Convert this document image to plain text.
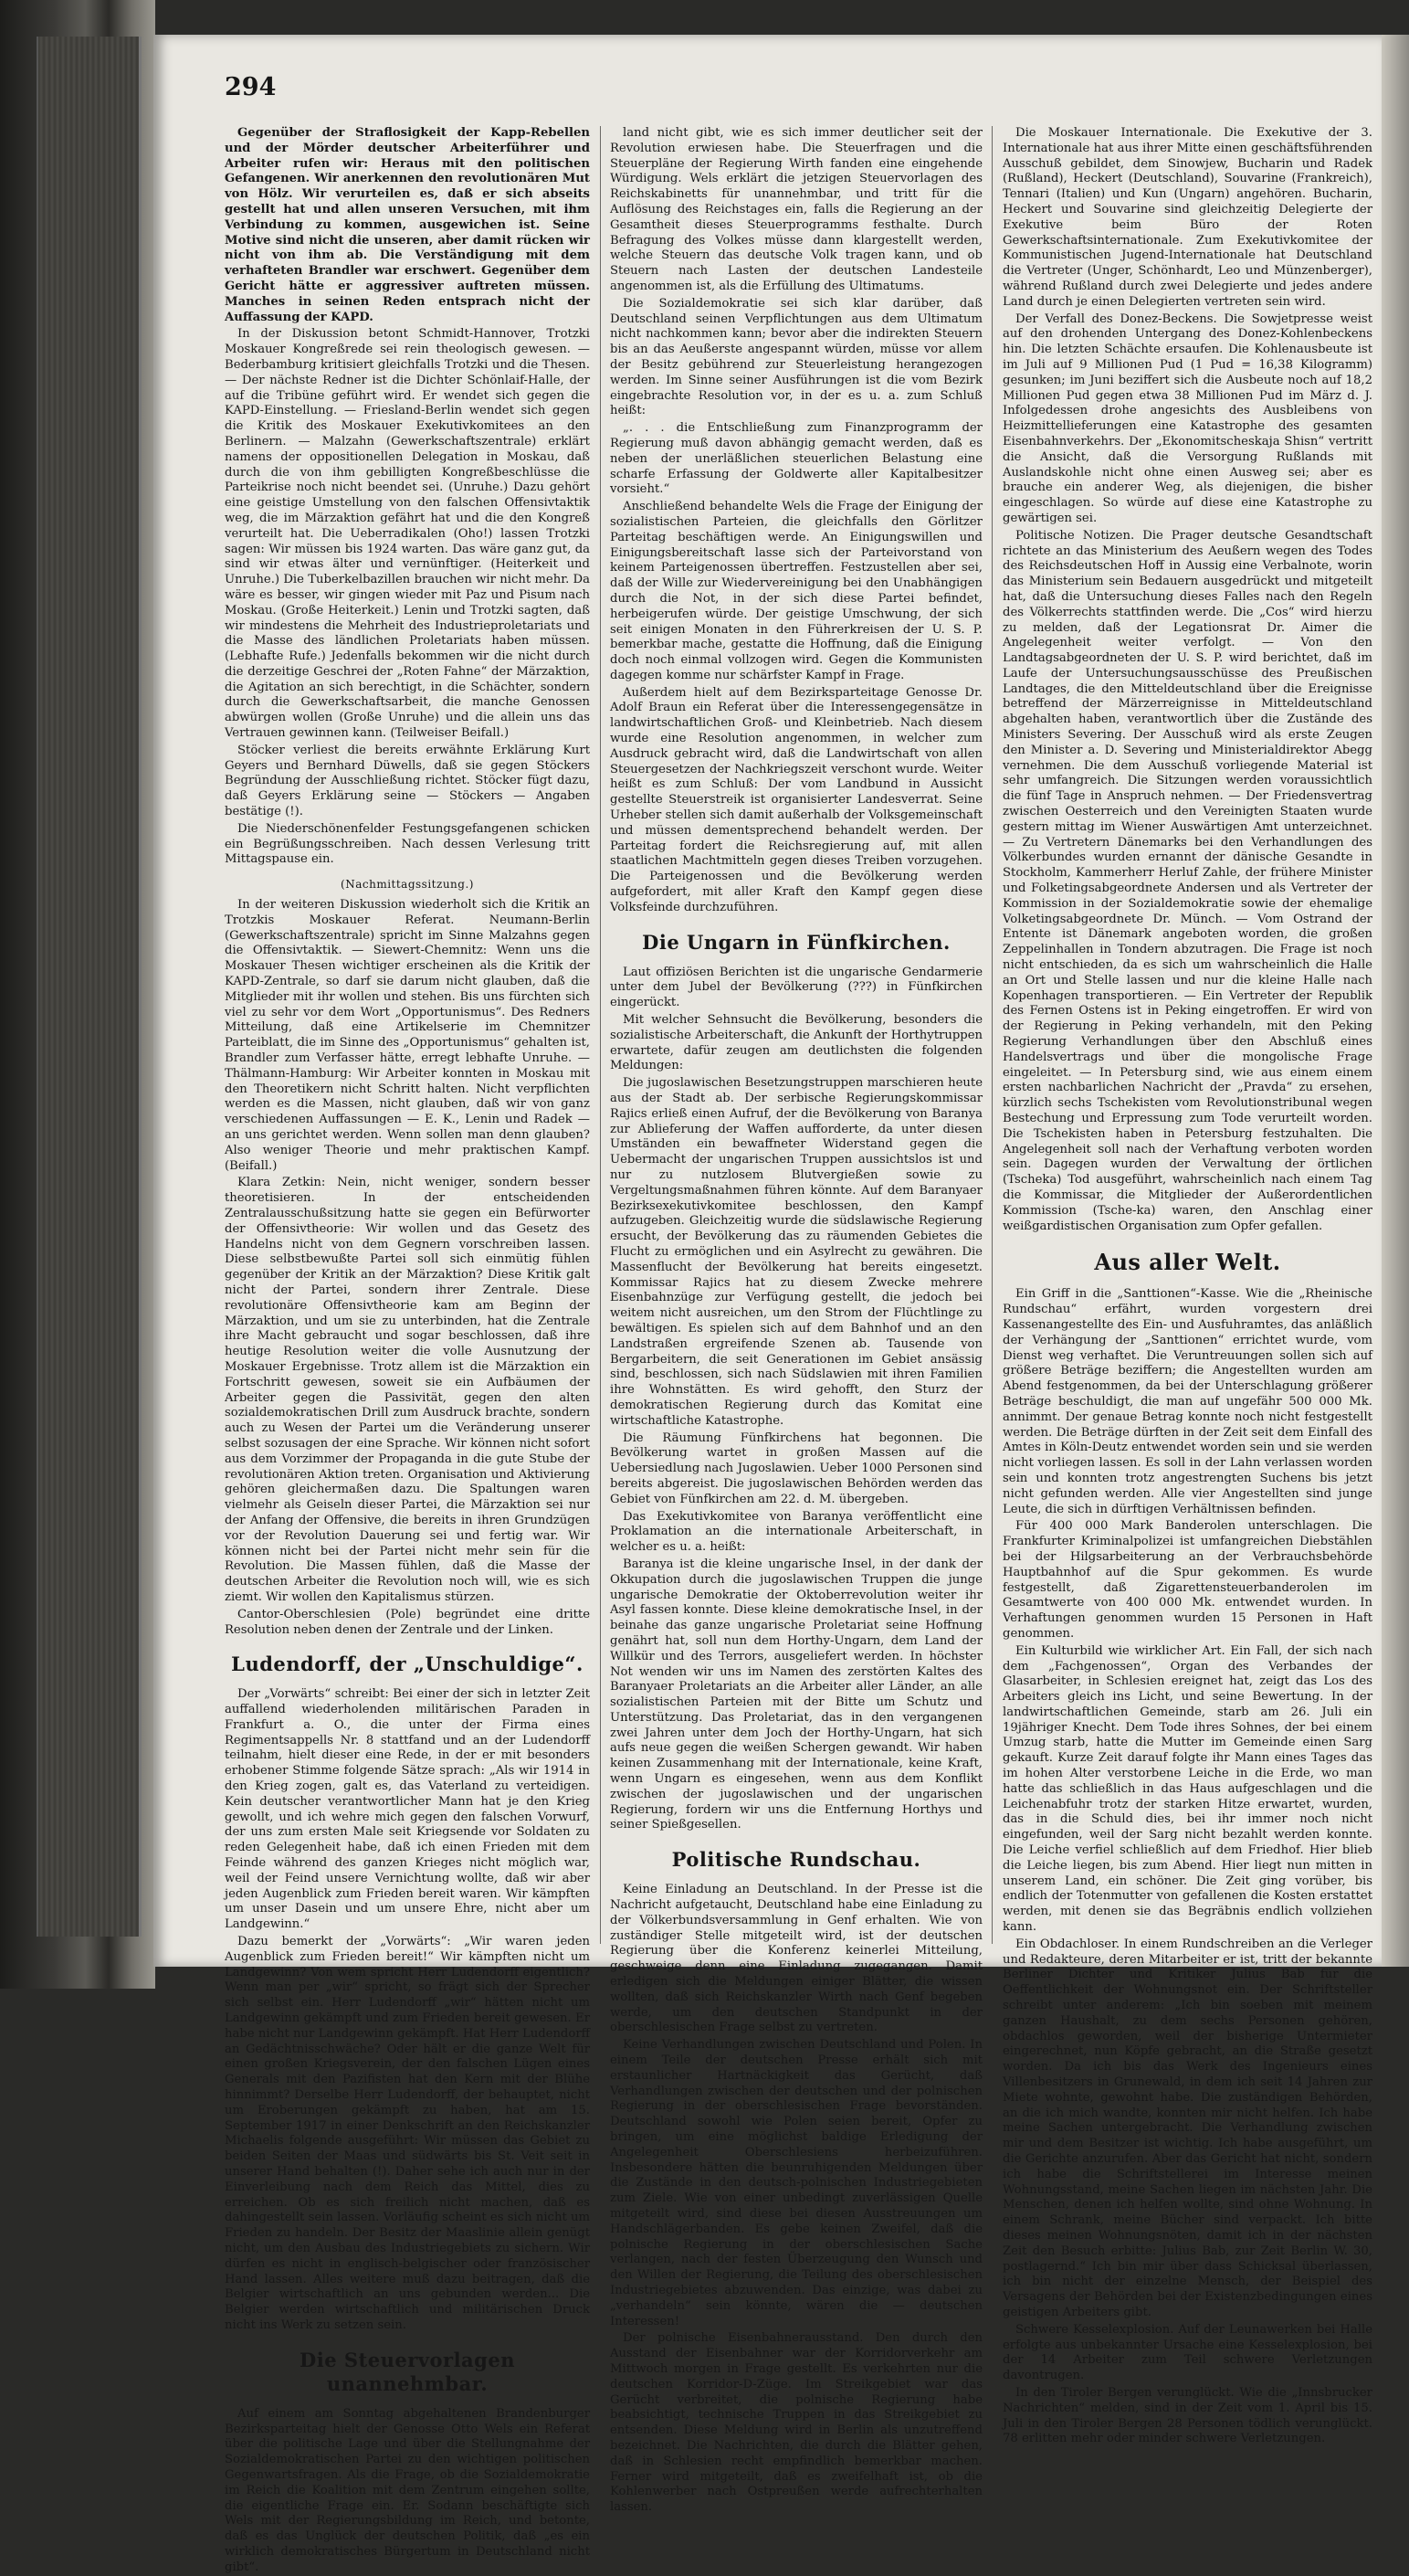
294

Gegenüber der Straflosigkeit der Kapp-Rebellen und der Mörder deutscher Arbeiterführer und Arbeiter rufen wir: Heraus mit den politischen Gefangenen. Wir anerkennen den revolutionären Mut von Hölz. Wir verurteilen es, daß er sich abseits gestellt hat und allen unseren Versuchen, mit ihm Verbindung zu kommen, ausgewichen ist. Seine Motive sind nicht die unseren, aber damit rücken wir nicht von ihm ab. Die Verständigung mit dem verhafteten Brandler war erschwert. Gegenüber dem Gericht hätte er aggressiver auftreten müssen. Manches in seinen Reden entsprach nicht der Auffassung der KAPD.

In der Diskussion betont Schmidt-Hannover, Trotzki Moskauer Kongreßrede sei rein theologisch gewesen. — Bederbamburg kritisiert gleichfalls Trotzki und die Thesen. — Der nächste Redner ist die Dichter Schönlaif-Halle, der auf die Tribüne geführt wird. Er wendet sich gegen die KAPD-Einstellung. — Friesland-Berlin wendet sich gegen die Kritik des Moskauer Exekutivkomitees an den Berlinern. — Malzahn (Gewerkschaftszentrale) erklärt namens der oppositionellen Delegation in Moskau, daß durch die von ihm gebilligten Kongreßbeschlüsse die Parteikrise noch nicht beendet sei. (Unruhe.) Dazu gehört eine geistige Umstellung von den falschen Offensivtaktik weg, die im Märzaktion gefährt hat und die den Kongreß verurteilt hat. Die Ueberradikalen (Oho!) lassen Trotzki sagen: Wir müssen bis 1924 warten. Das wäre ganz gut, da sind wir etwas älter und vernünftiger. (Heiterkeit und Unruhe.) Die Tuberkelbazillen brauchen wir nicht mehr. Da wäre es besser, wir gingen wieder mit Paz und Pisum nach Moskau. (Große Heiterkeit.) Lenin und Trotzki sagten, daß wir mindestens die Mehrheit des Industrieproletariats und die Masse des ländlichen Proletariats haben müssen. (Lebhafte Rufe.) Jedenfalls bekommen wir die nicht durch die derzeitige Geschrei der „Roten Fahne“ der Märzaktion, die Agitation an sich berechtigt, in die Schächter, sondern durch die Gewerkschaftsarbeit, die manche Genossen abwürgen wollen (Große Unruhe) und die allein uns das Vertrauen gewinnen kann. (Teilweiser Beifall.)

Stöcker verliest die bereits erwähnte Erklärung Kurt Geyers und Bernhard Düwells, daß sie gegen Stöckers Begründung der Ausschließung richtet. Stöcker fügt dazu, daß Geyers Erklärung seine — Stöckers — Angaben bestätige (!).

Die Niederschönenfelder Festungsgefangenen schicken ein Begrüßungsschreiben. Nach dessen Verlesung tritt Mittagspause ein.

(Nachmittagssitzung.)

In der weiteren Diskussion wiederholt sich die Kritik an Trotzkis Moskauer Referat. Neumann-Berlin (Gewerkschaftszentrale) spricht im Sinne Malzahns gegen die Offensivtaktik. — Siewert-Chemnitz: Wenn uns die Moskauer Thesen wichtiger erscheinen als die Kritik der KAPD-Zentrale, so darf sie darum nicht glauben, daß die Mitglieder mit ihr wollen und stehen. Bis uns fürchten sich viel zu sehr vor dem Wort „Opportunismus“. Des Redners Mitteilung, daß eine Artikelserie im Chemnitzer Parteiblatt, die im Sinne des „Opportunismus“ gehalten ist, Brandler zum Verfasser hätte, erregt lebhafte Unruhe. — Thälmann-Hamburg: Wir Arbeiter konnten in Moskau mit den Theoretikern nicht Schritt halten. Nicht verpflichten werden es die Massen, nicht glauben, daß wir von ganz verschiedenen Auffassungen — E. K., Lenin und Radek — an uns gerichtet werden. Wenn sollen man denn glauben? Also weniger Theorie und mehr praktischen Kampf. (Beifall.)

Klara Zetkin: Nein, nicht weniger, sondern besser theoretisieren. In der entscheidenden Zentralausschußsitzung hatte sie gegen ein Befürworter der Offensivtheorie: Wir wollen und das Gesetz des Handelns nicht von dem Gegnern vorschreiben lassen. Diese selbstbewußte Partei soll sich einmütig fühlen gegenüber der Kritik an der Märzaktion? Diese Kritik galt nicht der Partei, sondern ihrer Zentrale. Diese revolutionäre Offensivtheorie kam am Beginn der Märzaktion, und um sie zu unterbinden, hat die Zentrale ihre Macht gebraucht und sogar beschlossen, daß ihre heutige Resolution weiter die volle Ausnutzung der Moskauer Ergebnisse. Trotz allem ist die Märzaktion ein Fortschritt gewesen, soweit sie ein Aufbäumen der Arbeiter gegen die Passivität, gegen den alten sozialdemokratischen Drill zum Ausdruck brachte, sondern auch zu Wesen der Partei um die Veränderung unserer selbst sozusagen der eine Sprache. Wir können nicht sofort aus dem Vorzimmer der Propaganda in die gute Stube der revolutionären Aktion treten. Organisation und Aktivierung gehören gleichermaßen dazu. Die Spaltungen waren vielmehr als Geiseln dieser Partei, die Märzaktion sei nur der Anfang der Offensive, die bereits in ihren Grundzügen vor der Revolution Dauerung sei und fertig war. Wir können nicht bei der Partei nicht mehr sein für die Revolution. Die Massen fühlen, daß die Masse der deutschen Arbeiter die Revolution noch will, wie es sich ziemt. Wir wollen den Kapitalismus stürzen.

Cantor-Oberschlesien (Pole) begründet eine dritte Resolution neben denen der Zentrale und der Linken.

Ludendorff, der „Unschuldige“.

Der „Vorwärts“ schreibt: Bei einer der sich in letzter Zeit auffallend wiederholenden militärischen Paraden in Frankfurt a. O., die unter der Firma eines Regimentsappells Nr. 8 stattfand und an der Ludendorff teilnahm, hielt dieser eine Rede, in der er mit besonders erhobener Stimme folgende Sätze sprach: „Als wir 1914 in den Krieg zogen, galt es, das Vaterland zu verteidigen. Kein deutscher verantwortlicher Mann hat je den Krieg gewollt, und ich wehre mich gegen den falschen Vorwurf, der uns zum ersten Male seit Kriegsende vor Soldaten zu reden Gelegenheit habe, daß ich einen Frieden mit dem Feinde während des ganzen Krieges nicht möglich war, weil der Feind unsere Vernichtung wollte, daß wir aber jeden Augenblick zum Frieden bereit waren. Wir kämpften um unser Dasein und um unsere Ehre, nicht aber um Landgewinn.“

Dazu bemerkt der „Vorwärts“: „Wir waren jeden Augenblick zum Frieden bereit!“ Wir kämpften nicht um Landgewinn? Von wem spricht Herr Ludendorff eigentlich? Wenn man per „wir“ spricht, so frägt sich der Sprecher sich selbst ein. Herr Ludendorff „wir“ hätten nicht um Landgewinn gekämpft und zum Frieden bereit gewesen. Er habe nicht nur Landgewinn gekämpft. Hat Herr Ludendorff an Gedächtnisschwäche? Oder hält er die ganze Welt für einen großen Kriegsverein, der den falschen Lügen eines Generals mit den Pazifisten hat den Kern mit der Blühe hinnimmt? Derselbe Herr Ludendorff, der behauptet, nicht um Eroberungen gekämpft zu haben, hat am 15. September 1917 in einer Denkschrift an den Reichskanzler Michaelis folgende ausgeführt: Wir müssen das Gebiet zu beiden Seiten der Maas und südwärts bis St. Veit seit in unserer Hand behalten (!). Daher sehe ich auch nur in der Einverleibung nach dem Reich das Mittel, dies zu erreichen. Ob es sich freilich nicht machen, daß es dahingestellt sein lassen. Vorläufig scheint es sich nicht um Frieden zu handeln. Der Besitz der Maaslinie allein genügt nicht, um den Ausbau des Industriegebiets zu sichern. Wir dürfen es nicht in englisch-belgischer oder französischer Hand lassen. Alles weitere muß dazu beitragen, daß die Belgier wirtschaftlich an uns gebunden werden... Die Belgier werden wirtschaftlich und militärischen Druck nicht ins Werk zu setzen sein.

Die Steuervorlagen unannehmbar.

Auf einem am Sonntag abgehaltenen Brandenburger Bezirksparteitag hielt der Genosse Otto Wels ein Referat über die politische Lage und über die Stellungnahme der Sozialdemokratischen Partei zu den wichtigen politischen Gegenwartsfragen. Als die Frage, ob die Sozialdemokratie im Reich die Koalition mit dem Zentrum eingehen sollte, die eigentliche Frage ein. Er. Sodann beschäftigte sich Wels mit der Regierungsbildung im Reich, und betonte, daß es das Unglück der deutschen Politik, daß „es ein wirklich demokratisches Bürgertum in Deutschland nicht gibt“.

land nicht gibt, wie es sich immer deutlicher seit der Revolution erwiesen habe. Die Steuerfragen und die Steuerpläne der Regierung Wirth fanden eine eingehende Würdigung. Wels erklärt die jetzigen Steuervorlagen des Reichskabinetts für unannehmbar, und tritt für die Auflösung des Reichstages ein, falls die Regierung an der Gesamtheit dieses Steuerprogramms festhalte. Durch Befragung des Volkes müsse dann klargestellt werden, welche Steuern das deutsche Volk tragen kann, und ob Steuern nach Lasten der deutschen Landesteile angenommen ist, als die Erfüllung des Ultimatums.

Die Sozialdemokratie sei sich klar darüber, daß Deutschland seinen Verpflichtungen aus dem Ultimatum nicht nachkommen kann; bevor aber die indirekten Steuern bis an das Aeußerste angespannt würden, müsse vor allem der Besitz gebührend zur Steuerleistung herangezogen werden. Im Sinne seiner Ausführungen ist die vom Bezirk eingebrachte Resolution vor, in der es u. a. zum Schluß heißt:

„. . . die Entschließung zum Finanzprogramm der Regierung muß davon abhängig gemacht werden, daß es neben der unerläßlichen steuerlichen Belastung eine scharfe Erfassung der Goldwerte aller Kapitalbesitzer vorsieht.“

Anschließend behandelte Wels die Frage der Einigung der sozialistischen Parteien, die gleichfalls den Görlitzer Parteitag beschäftigen werde. An Einigungswillen und Einigungsbereitschaft lasse sich der Parteivorstand von keinem Parteigenossen übertreffen. Festzustellen aber sei, daß der Wille zur Wiedervereinigung bei den Unabhängigen durch die Not, in der sich diese Partei befindet, herbeigerufen würde. Der geistige Umschwung, der sich seit einigen Monaten in den Führerkreisen der U. S. P. bemerkbar mache, gestatte die Hoffnung, daß die Einigung doch noch einmal vollzogen wird. Gegen die Kommunisten dagegen komme nur schärfster Kampf in Frage.

Außerdem hielt auf dem Bezirksparteitage Genosse Dr. Adolf Braun ein Referat über die Interessengegensätze in landwirtschaftlichen Groß- und Kleinbetrieb. Nach diesem wurde eine Resolution angenommen, in welcher zum Ausdruck gebracht wird, daß die Landwirtschaft von allen Steuergesetzen der Nachkriegszeit verschont wurde. Weiter heißt es zum Schluß: Der vom Landbund in Aussicht gestellte Steuerstreik ist organisierter Landesverrat. Seine Urheber stellen sich damit außerhalb der Volksgemeinschaft und müssen dementsprechend behandelt werden. Der Parteitag fordert die Reichsregierung auf, mit allen staatlichen Machtmitteln gegen dieses Treiben vorzugehen. Die Parteigenossen und die Bevölkerung werden aufgefordert, mit aller Kraft den Kampf gegen diese Volksfeinde durchzuführen.

Die Ungarn in Fünfkirchen.

Laut offiziösen Berichten ist die ungarische Gendarmerie unter dem Jubel der Bevölkerung (???) in Fünfkirchen eingerückt.

Mit welcher Sehnsucht die Bevölkerung, besonders die sozialistische Arbeiterschaft, die Ankunft der Horthytruppen erwartete, dafür zeugen am deutlichsten die folgenden Meldungen:

Die jugoslawischen Besetzungstruppen marschieren heute aus der Stadt ab. Der serbische Regierungskommissar Rajics erließ einen Aufruf, der die Bevölkerung von Baranya zur Ablieferung der Waffen aufforderte, da unter diesen Umständen ein bewaffneter Widerstand gegen die Uebermacht der ungarischen Truppen aussichtslos ist und nur zu nutzlosem Blutvergießen sowie zu Vergeltungsmaßnahmen führen könnte. Auf dem Baranyaer Bezirksexekutivkomitee beschlossen, den Kampf aufzugeben. Gleichzeitig wurde die südslawische Regierung ersucht, der Bevölkerung das zu räumenden Gebietes die Flucht zu ermöglichen und ein Asylrecht zu gewähren. Die Massenflucht der Bevölkerung hat bereits eingesetzt. Kommissar Rajics hat zu diesem Zwecke mehrere Eisenbahnzüge zur Verfügung gestellt, die jedoch bei weitem nicht ausreichen, um den Strom der Flüchtlinge zu bewältigen. Es spielen sich auf dem Bahnhof und an den Landstraßen ergreifende Szenen ab. Tausende von Bergarbeitern, die seit Generationen im Gebiet ansässig sind, beschlossen, sich nach Südslawien mit ihren Familien ihre Wohnstätten. Es wird gehofft, den Sturz der demokratischen Regierung durch das Komitat eine wirtschaftliche Katastrophe.

Die Räumung Fünfkirchens hat begonnen. Die Bevölkerung wartet in großen Massen auf die Uebersiedlung nach Jugoslawien. Ueber 1000 Personen sind bereits abgereist. Die jugoslawischen Behörden werden das Gebiet von Fünfkirchen am 22. d. M. übergeben.

Das Exekutivkomitee von Baranya veröffentlicht eine Proklamation an die internationale Arbeiterschaft, in welcher es u. a. heißt:

Baranya ist die kleine ungarische Insel, in der dank der Okkupation durch die jugoslawischen Truppen die junge ungarische Demokratie der Oktoberrevolution weiter ihr Asyl fassen konnte. Diese kleine demokratische Insel, in der beinahe das ganze ungarische Proletariat seine Hoffnung genährt hat, soll nun dem Horthy-Ungarn, dem Land der Willkür und des Terrors, ausgeliefert werden. In höchster Not wenden wir uns im Namen des zerstörten Kaltes des Baranyaer Proletariats an die Arbeiter aller Länder, an alle sozialistischen Parteien mit der Bitte um Schutz und Unterstützung. Das Proletariat, das in den vergangenen zwei Jahren unter dem Joch der Horthy-Ungarn, hat sich aufs neue gegen die weißen Schergen gewandt. Wir haben keinen Zusammenhang mit der Internationale, keine Kraft, wenn Ungarn es eingesehen, wenn aus dem Konflikt zwischen der jugoslawischen und der ungarischen Regierung, fordern wir uns die Entfernung Horthys und seiner Spießgesellen.

Politische Rundschau.

Keine Einladung an Deutschland. In der Presse ist die Nachricht aufgetaucht, Deutschland habe eine Einladung zu der Völkerbundsversammlung in Genf erhalten. Wie von zuständiger Stelle mitgeteilt wird, ist der deutschen Regierung über die Konferenz keinerlei Mitteilung, geschweige denn eine Einladung zugegangen. Damit erledigen sich die Meldungen einiger Blätter, die wissen wollten, daß sich Reichskanzler Wirth nach Genf begeben werde, um den deutschen Standpunkt in der oberschlesischen Frage selbst zu vertreten.

Keine Verhandlungen zwischen Deutschland und Polen. In einem Teile der deutschen Presse erhält sich mit erstaunlicher Hartnäckigkeit das Gerücht, daß Verhandlungen zwischen der deutschen und der polnischen Regierung in der oberschlesischen Frage bevorständen. Deutschland sowohl wie Polen seien bereit, Opfer zu bringen, um eine möglichst baldige Erledigung der Angelegenheit Oberschlesiens herbeizuführen. Insbesondere hätten die beunruhigenden Meldungen über die Zustände in den deutsch-polnischen Industriegebieten zum Ziele. Wie von einer unbedingt zuverlässigen Quelle mitgeteilt wird, sind diese bei diesen Ausstreuungen um Handschlägerbanden. Es gebe keinen Zweifel, daß die polnische Regierung in der oberschlesischen Sache verlangen, nach der festen Überzeugung den Wunsch und den Willen der Regierung, die Teilung des oberschlesischen Industriegebietes abzuwenden. Das einzige, was dabei zu „verhandeln“ sein könnte, wären die — deutschen Interessen!

Der polnische Eisenbahnerausstand. Den durch den Ausstand der Eisenbahner war der Korridorverkehr am Mittwoch morgen in Frage gestellt. Es verkehrten nur die deutschen Korridor-D-Züge. Im Streikgebiet war das Gerücht verbreitet, die polnische Regierung habe beabsichtigt, technische Truppen in das Streikgebiet zu entsenden. Diese Meldung wird in Berlin als unzutreffend bezeichnet. Die Nachrichten, die durch die Blätter gehen, daß in Schlesien recht empfindlich bemerkbar machen. Ferner wird mitgeteilt, daß es zweifelhaft ist, ob die Kohlenwerber nach Ostpreußen werde aufrechterhalten lassen.

Die Moskauer Internationale. Die Exekutive der 3. Internationale hat aus ihrer Mitte einen geschäftsführenden Ausschuß gebildet, dem Sinowjew, Bucharin und Radek (Rußland), Heckert (Deutschland), Souvarine (Frankreich), Tennari (Italien) und Kun (Ungarn) angehören. Bucharin, Heckert und Souvarine sind gleichzeitig Delegierte der Exekutive beim Büro der Roten Gewerkschaftsinternationale. Zum Exekutivkomitee der Kommunistischen Jugend-Internationale hat Deutschland die Vertreter (Unger, Schönhardt, Leo und Münzenberger), während Rußland durch zwei Delegierte und jedes andere Land durch je einen Delegierten vertreten sein wird.

Der Verfall des Donez-Beckens. Die Sowjetpresse weist auf den drohenden Untergang des Donez-Kohlenbeckens hin. Die letzten Schächte ersaufen. Die Kohlenausbeute ist im Juli auf 9 Millionen Pud (1 Pud = 16,38 Kilogramm) gesunken; im Juni beziffert sich die Ausbeute noch auf 18,2 Millionen Pud gegen etwa 38 Millionen Pud im März d. J. Infolgedessen drohe angesichts des Ausbleibens von Heizmittellieferungen eine Katastrophe des gesamten Eisenbahnverkehrs. Der „Ekonomitscheskaja Shisn“ vertritt die Ansicht, daß die Versorgung Rußlands mit Auslandskohle nicht ohne einen Ausweg sei; aber es brauche ein anderer Weg, als diejenigen, die bisher eingeschlagen. So würde auf diese eine Katastrophe zu gewärtigen sei.

Politische Notizen. Die Prager deutsche Gesandtschaft richtete an das Ministerium des Aeußern wegen des Todes des Reichsdeutschen Hoff in Aussig eine Verbalnote, worin das Ministerium sein Bedauern ausgedrückt und mitgeteilt hat, daß die Untersuchung dieses Falles nach den Regeln des Völkerrechts stattfinden werde. Die „Cos“ wird hierzu zu melden, daß der Legationsrat Dr. Aimer die Angelegenheit weiter verfolgt. — Von den Landtagsabgeordneten der U. S. P. wird berichtet, daß im Laufe der Untersuchungsausschüsse des Preußischen Landtages, die den Mitteldeutschland über die Ereignisse betreffend der Märzerreignisse in Mitteldeutschland abgehalten haben, verantwortlich über die Zustände des Ministers Severing. Der Ausschuß wird als erste Zeugen den Minister a. D. Severing und Ministerialdirektor Abegg vernehmen. Die dem Ausschuß vorliegende Material ist sehr umfangreich. Die Sitzungen werden voraussichtlich die fünf Tage in Anspruch nehmen. — Der Friedensvertrag zwischen Oesterreich und den Vereinigten Staaten wurde gestern mittag im Wiener Auswärtigen Amt unterzeichnet. — Zu Vertretern Dänemarks bei den Verhandlungen des Völkerbundes wurden ernannt der dänische Gesandte in Stockholm, Kammerherr Herluf Zahle, der frühere Minister und Folketingsabgeordnete Andersen und als Vertreter der Kommission in der Sozialdemokratie sowie der ehemalige Volketingsabgeordnete Dr. Münch. — Vom Ostrand der Entente ist Dänemark angeboten worden, die großen Zeppelinhallen in Tondern abzutragen. Die Frage ist noch nicht entschieden, da es sich um wahrscheinlich die Halle an Ort und Stelle lassen und nur die kleine Halle nach Kopenhagen transportieren. — Ein Vertreter der Republik des Fernen Ostens ist in Peking eingetroffen. Er wird von der Regierung in Peking verhandeln, mit den Peking Regierung Verhandlungen über den Abschluß eines Handelsvertrags und über die mongolische Frage eingeleitet. — In Petersburg sind, wie aus einem einem ersten nachbarlichen Nachricht der „Pravda“ zu ersehen, kürzlich sechs Tschekisten vom Revolutionstribunal wegen Bestechung und Erpressung zum Tode verurteilt worden. Die Tschekisten haben in Petersburg festzuhalten. Die Angelegenheit soll nach der Verhaftung verboten worden sein. Dagegen wurden der Verwaltung der örtlichen (Tscheka) Tod ausgeführt, wahrscheinlich nach einem Tag die Kommissar, die Mitglieder der Außerordentlichen Kommission (Tsche-ka) waren, den Anschlag einer weißgardistischen Organisation zum Opfer gefallen.

Aus aller Welt.

Ein Griff in die „Santtionen“-Kasse. Wie die „Rheinische Rundschau“ erfährt, wurden vorgestern drei Kassenangestellte des Ein- und Ausfuhramtes, das anläßlich der Verhängung der „Santtionen“ errichtet wurde, vom Dienst weg verhaftet. Die Veruntreuungen sollen sich auf größere Beträge beziffern; die Angestellten wurden am Abend festgenommen, da bei der Unterschlagung größerer Beträge beschuldigt, die man auf ungefähr 500 000 Mk. annimmt. Der genaue Betrag konnte noch nicht festgestellt werden. Die Beträge dürften in der Zeit seit dem Einfall des Amtes in Köln-Deutz entwendet worden sein und sie werden nicht vorliegen lassen. Es soll in der Lahn verlassen worden sein und konnten trotz angestrengten Suchens bis jetzt nicht gefunden werden. Alle vier Angestellten sind junge Leute, die sich in dürftigen Verhältnissen befinden.

Für 400 000 Mark Banderolen unterschlagen. Die Frankfurter Kriminalpolizei ist umfangreichen Diebstählen bei der Hilgsarbeiterung an der Verbrauchsbehörde Hauptbahnhof auf die Spur gekommen. Es wurde festgestellt, daß Zigarettensteuerbanderolen im Gesamtwerte von 400 000 Mk. entwendet wurden. In Verhaftungen genommen wurden 15 Personen in Haft genommen.

Ein Kulturbild wie wirklicher Art. Ein Fall, der sich nach dem „Fachgenossen“, Organ des Verbandes der Glasarbeiter, in Schlesien ereignet hat, zeigt das Los des Arbeiters gleich ins Licht, und seine Bewertung. In der landwirtschaftlichen Gemeinde, starb am 26. Juli ein 19jähriger Knecht. Dem Tode ihres Sohnes, der bei einem Umzug starb, hatte die Mutter im Gemeinde einen Sarg gekauft. Kurze Zeit darauf folgte ihr Mann eines Tages das im hohen Alter verstorbene Leiche in die Erde, wo man hatte das schließlich in das Haus aufgeschlagen und die Leichenabfuhr trotz der starken Hitze erwartet, wurden, das in die Schuld dies, bei ihr immer noch nicht eingefunden, weil der Sarg nicht bezahlt werden konnte. Die Leiche verfiel schließlich auf dem Friedhof. Hier blieb die Leiche liegen, bis zum Abend. Hier liegt nun mitten in unserem Land, ein schöner. Die Zeit ging vorüber, bis endlich der Totenmutter von gefallenen die Kosten erstattet werden, mit denen sie das Begräbnis endlich vollziehen kann.

Ein Obdachloser. In einem Rundschreiben an die Verleger und Redakteure, deren Mitarbeiter er ist, tritt der bekannte Berliner Dichter und Kritiker Julius Bab für die Oeffentlichkeit der Wohnungsnot ein. Der Schriftsteller schreibt unter anderem: „Ich bin soeben mit meinem ganzen Haushalt, zu dem sechs Personen gehören, obdachlos geworden, weil der bisherige Untermieter eingerechnet, nun Köpfe gebracht, an die Straße gesetzt worden. Da ich bis das Werk des Ingenieurs eines Villenbesitzers in Grunewald, in dem ich seit 14 Jahren zur Miete wohnte, gewohnt habe. Die zuständigen Behörden, an die ich mich wandte, konnten mir nicht helfen. Ich habe meine Sachen untergebracht. Die Verhandlung zwischen mir und dem Besitzer ist wichtig. Ich habe ausgeführt, um die Gerichte anzurufen. Aber das Gericht hat nicht, sondern ich habe die Schriftstellerei im Interesse meinen Wohnungsstand, meine Sachen liegen im nächsten Jahr. Die Menschen, denen ich helfen wollte, sind ohne Wohnung. In einem Schrank, meine Bücher sind verpackt. Ich bitte dieses meinen Wohnungsnöten, damit ich in der nächsten Zeit den Besuch erbitte: Julius Bab, zur Zeit Berlin W. 30, postlagernd.“ Ich bin mir über dass Schicksal überlassen, ich bin nicht der einzelne Mensch, der Beispiel des Versagens der Behörden bei der Existenzbedingungen eines geistigen Arbeiters gibt.

Schwere Kesselexplosion. Auf der Leunawerken bei Halle erfolgte aus unbekannter Ursache eine Kesselexplosion, bei der 14 Arbeiter zum Teil schwere Verletzungen davontrugen.

In den Tiroler Bergen verunglückt. Wie die „Innsbrucker Nachrichten“ melden, sind in der Zeit vom 1. April bis 15. Juli in den Tiroler Bergen 28 Personen tödlich verunglückt. 78 erlitten mehr oder minder schwere Verletzungen.
